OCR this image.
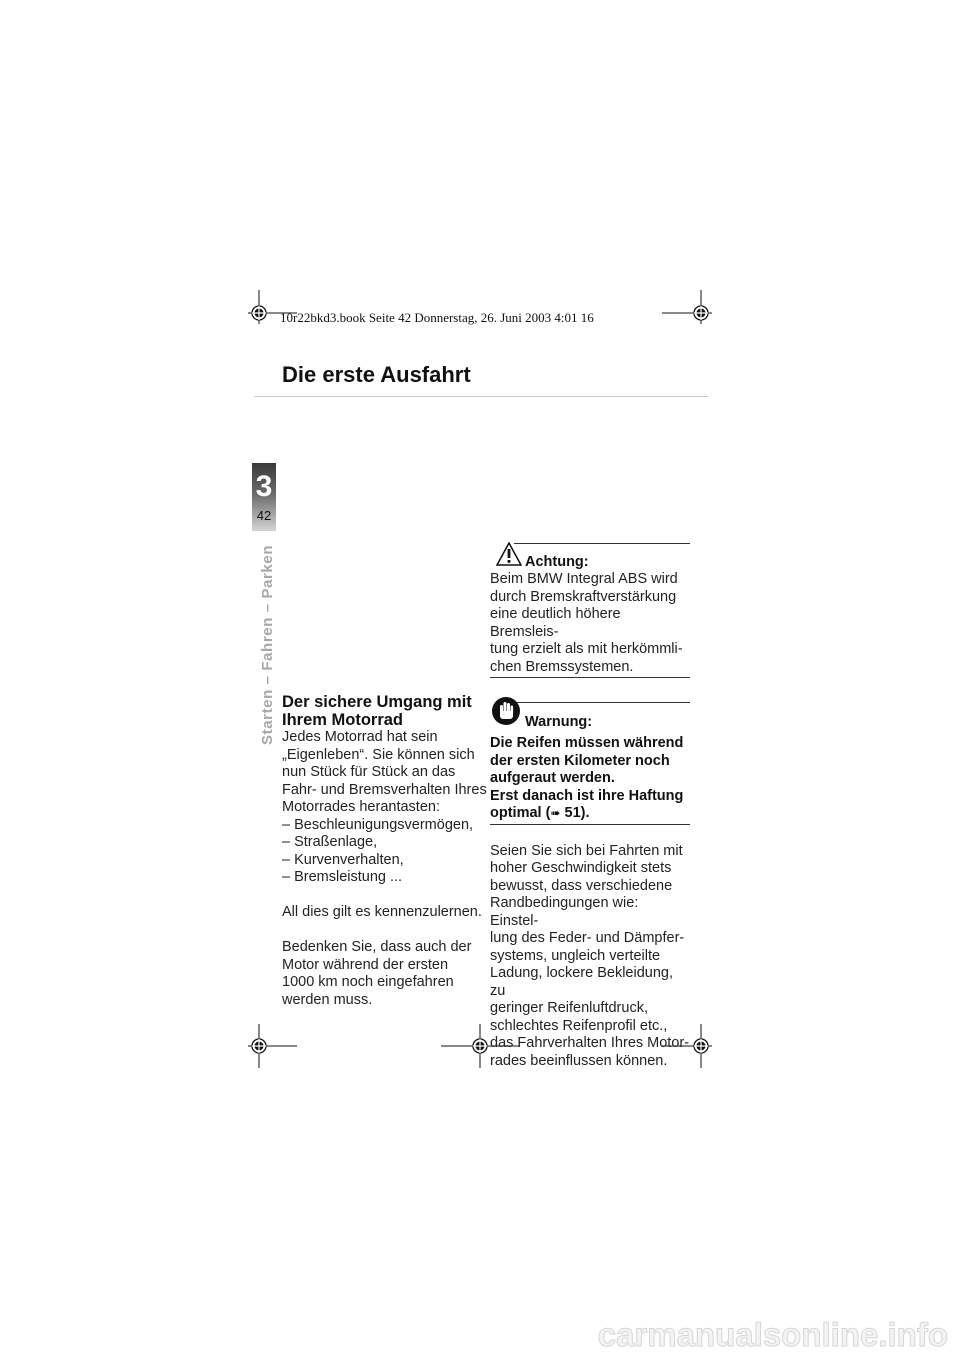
10r22bkd3.book Seite 42 Donnerstag, 26. Juni 2003 4:01 16
Die erste Ausfahrt
3
42
Starten – Fahren – Parken Der sichere Umgang mit
Ihrem Motorrad

Jedes Motorrad hat sein

„Eigenleben“. Sie können sich

nun Stück für Stück an das

Fahr- und Bremsverhalten Ihres

Motorrades herantasten:

– Beschleunigungsvermögen,
– Straßenlage,
– Kurvenverhalten,
– Bremsleistung ...

All dies gilt es kennenzulernen.

Bedenken Sie, dass auch der

Motor während der ersten

1000 km noch eingefahren

werden muss.

Achtung:

Beim BMW Integral ABS wird

durch Bremskraftverstärkung

eine deutlich höhere Bremsleis-

tung erzielt als mit herkömmli-

chen Bremssystemen.

Warnung:

Die Reifen müssen während

der ersten Kilometer noch

aufgeraut werden.

Erst danach ist ihre Haftung

optimal (➠ 51).

Seien Sie sich bei Fahrten mit

hoher Geschwindigkeit stets

bewusst, dass verschiedene

Randbedingungen wie: Einstel-

lung des Feder- und Dämpfer-

systems, ungleich verteilte

Ladung, lockere Bekleidung, zu

geringer Reifenluftdruck,

schlechtes Reifenprofil etc.,

das Fahrverhalten Ihres Motor-

rades beeinflussen können.

carmanualsonline.info
